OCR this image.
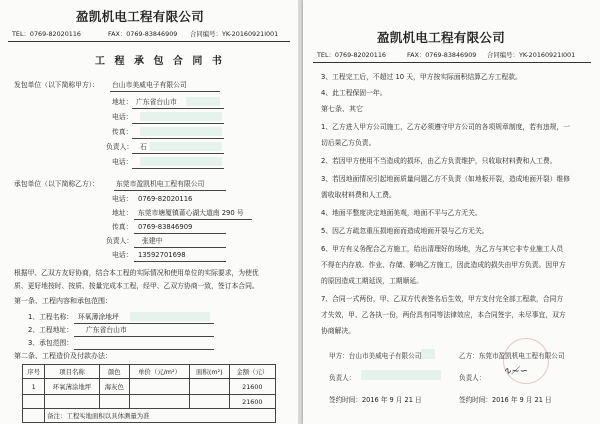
盈凯机电工程有限公司
TEL：0769-82020116	FAX：0769-83846909 合同编号：YK-20160921l001
工 程 承 包 合 同 书
发包单位（以下简称甲方）： 台山市美威电子有限公司
地址： 广东省台山市
电话：
传真：
负责人： 石
电话：
承包单位（以下简称乙方）：	东莞市盈凯机电工程有限公司
电话： 0769-82020116
地址： 东莞市塘厦镇莆心湖大道南 290 号
传真： 0769-83846909
负责人： 张建中
电话： 13592701698
根据甲、乙双方友好协商，结合本工程的实际情况和使用单位的实际要求，为使优
质、更好地按时、按质、按量完成本工程，经甲、乙双方协商一致，签订本合同。
第一条、工程内容和承包范围：
1、工程名称： 环氧薄涂地坪
2、工程地址： 广东省台山市
3、承包范围：
第二条、工程造价及付款办法：
序号	项目名称	颜色	单价（元/m²）	面积(m²)	金额（元）
1	环氧薄涂地坪	海灰色			21600
					21600
	备注：工程实地面积以具体测量为准				
盈凯机电工程有限公司
TEL：0769-82020116	FAX：0769-83846909 合同编号：YK-20160921l001
3、工程完工后，不超过 10 天，甲方按实际面积结算乙方工程款。
4、此工程保固一年。
第七条、其它
1、乙方进入甲方公司施工，乙方必须遵守甲方公司的各项规章制度，若有违规，一
切后果乙方负责。
2、若因甲方使用不当造成的损坏，由乙方负责维护，只收取材料费和人工费。
3、若因地面情况引起地面质量问题乙方不负责（如地板开裂，造成地面开裂）维修
需收取材料费和人工费。
4、地面平整度决定地面美观，地面不平与乙方无关。
5、因乙方疏忽重压损地面而造成地面开裂与乙方无关。
6、甲方有义务配合乙方施工，给出清理好的场地，为乙方与其它非专业施工人员
不得在内存放、作业、存储、影响乙方施工，因此造成的损失由甲方负责。因甲方
的原因造成工期延误，工期顺延。
7、合同一式两份，甲、乙双方代表签名后生效，甲方支付完全部工程款，合同方
才失效，甲、乙各执一份，两份具有同等法律效应，本合同签字，未尽事宜，双方
协商解决。
甲方：台山市美威电子有限公司
负责人：
签约时间：2016 年 9 月 21 日
乙方：东莞市盈凯机电工程有限公司
负责人：
∿≁∽
签约时间：2016 年 9 月 21 日
